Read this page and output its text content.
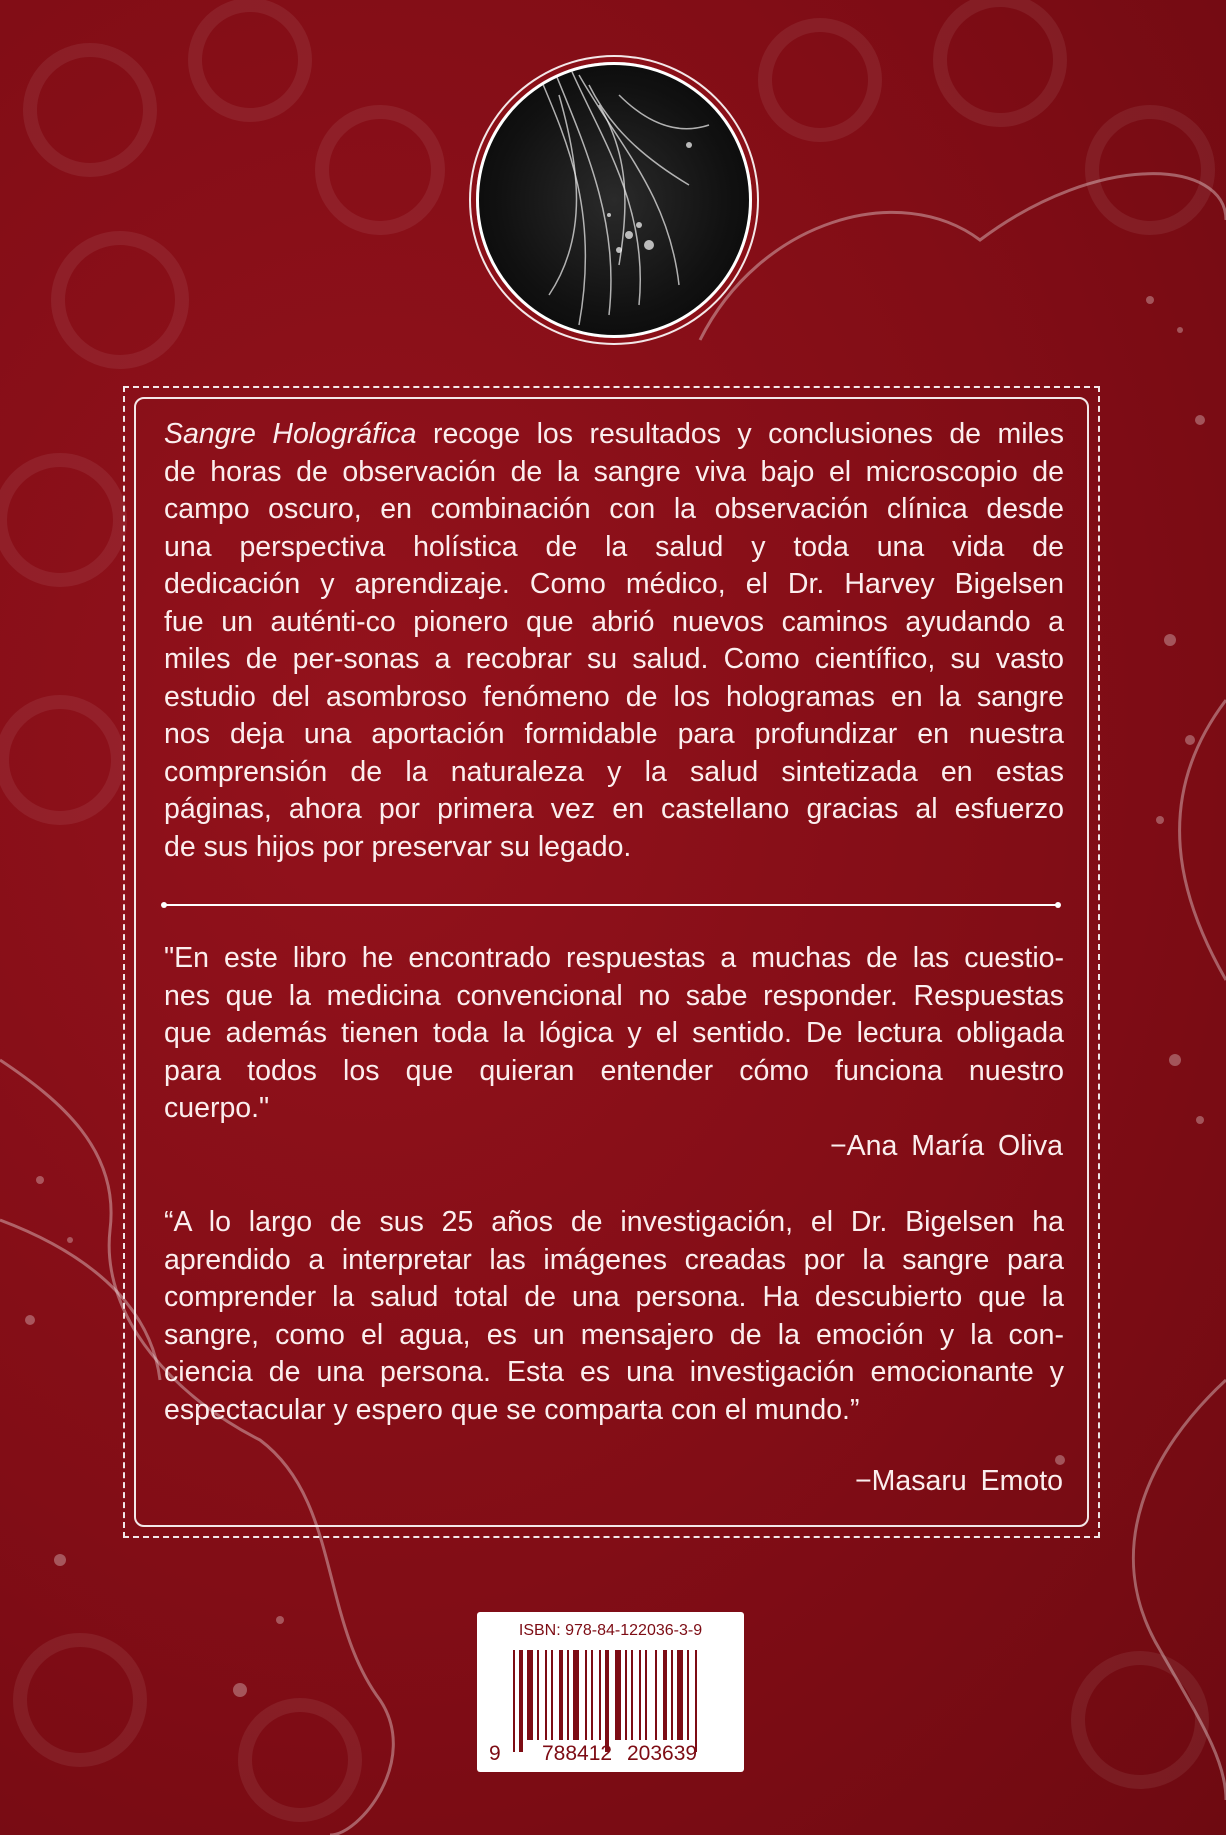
Sangre Holográfica recoge los resultados y conclusiones de miles
de horas de observación de la sangre viva bajo el microscopio de
campo oscuro, en combinación con la observación clínica desde
una perspectiva holística de la salud y toda una vida de
dedicación y aprendizaje. Como médico, el Dr. Harvey Bigelsen
fue un auténti-co pionero que abrió nuevos caminos ayudando a
miles de per-sonas a recobrar su salud. Como científico, su vasto
estudio del asombroso fenómeno de los hologramas en la sangre
nos deja una aportación formidable para profundizar en nuestra
comprensión de la naturaleza y la salud sintetizada en estas
páginas, ahora por primera vez en castellano gracias al esfuerzo
de sus hijos por preservar su legado.
"En este libro he encontrado respuestas a muchas de las cuestio-
nes que la medicina convencional no sabe responder. Respuestas
que además tienen toda la lógica y el sentido. De lectura obligada
para todos los que quieran entender cómo funciona nuestro
cuerpo."
−Ana María Oliva
“A lo largo de sus 25 años de investigación, el Dr. Bigelsen ha
aprendido a interpretar las imágenes creadas por la sangre para
comprender la salud total de una persona. Ha descubierto que la
sangre, como el agua, es un mensajero de la emoción y la con-
ciencia de una persona. Esta es una investigación emocionante y
espectacular y espero que se comparta con el mundo.”
−Masaru Emoto
ISBN: 978-84-122036-3-9
9 788412 203639
